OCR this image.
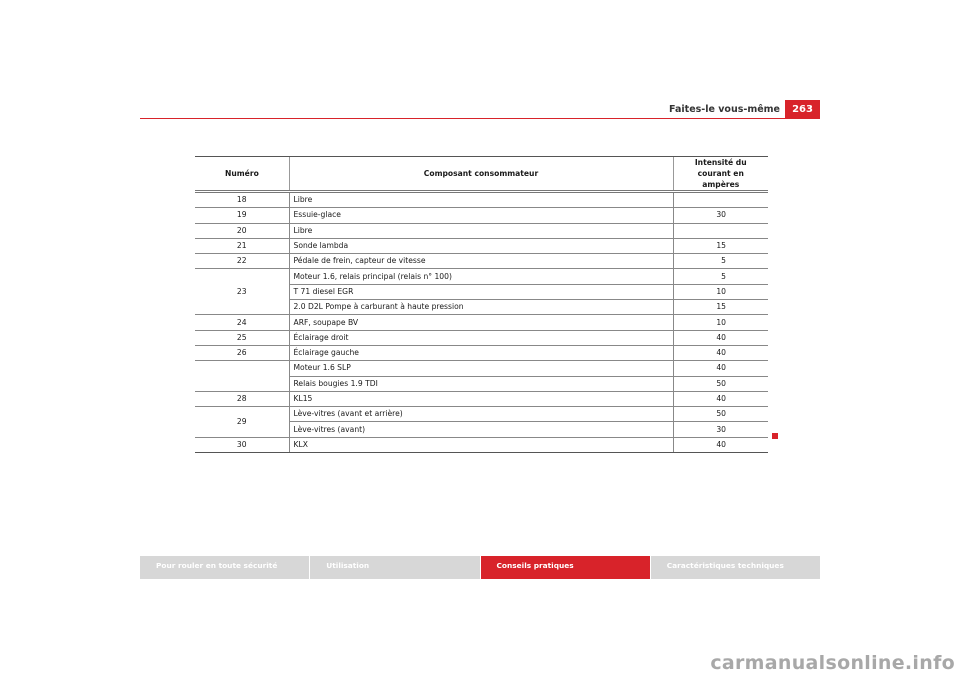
Faites-le vous-même	263
Numéro	Composant consommateur	Intensité du courant en
ampères
18	Libre	
19	Essuie-glace	30
20	Libre	
21	Sonde lambda	15
22	Pédale de frein, capteur de vitesse	5
23	Moteur 1.6, relais principal (relais n° 100)	5
	T 71 diesel EGR	10
	2.0 D2L Pompe à carburant à haute pression	15
24	ARF, soupape BV	10
25	Éclairage droit	40
26	Éclairage gauche	40
	Moteur 1.6 SLP	40
	Relais bougies 1.9 TDI	50
28	KL15	40
29	Lève-vitres (avant et arrière)	50
	Lève-vitres (avant)	30
30	KLX	40
Pour rouler en toute sécurité	Utilisation	Conseils pratiques	Caractéristiques techniques
carmanualsonline.info
